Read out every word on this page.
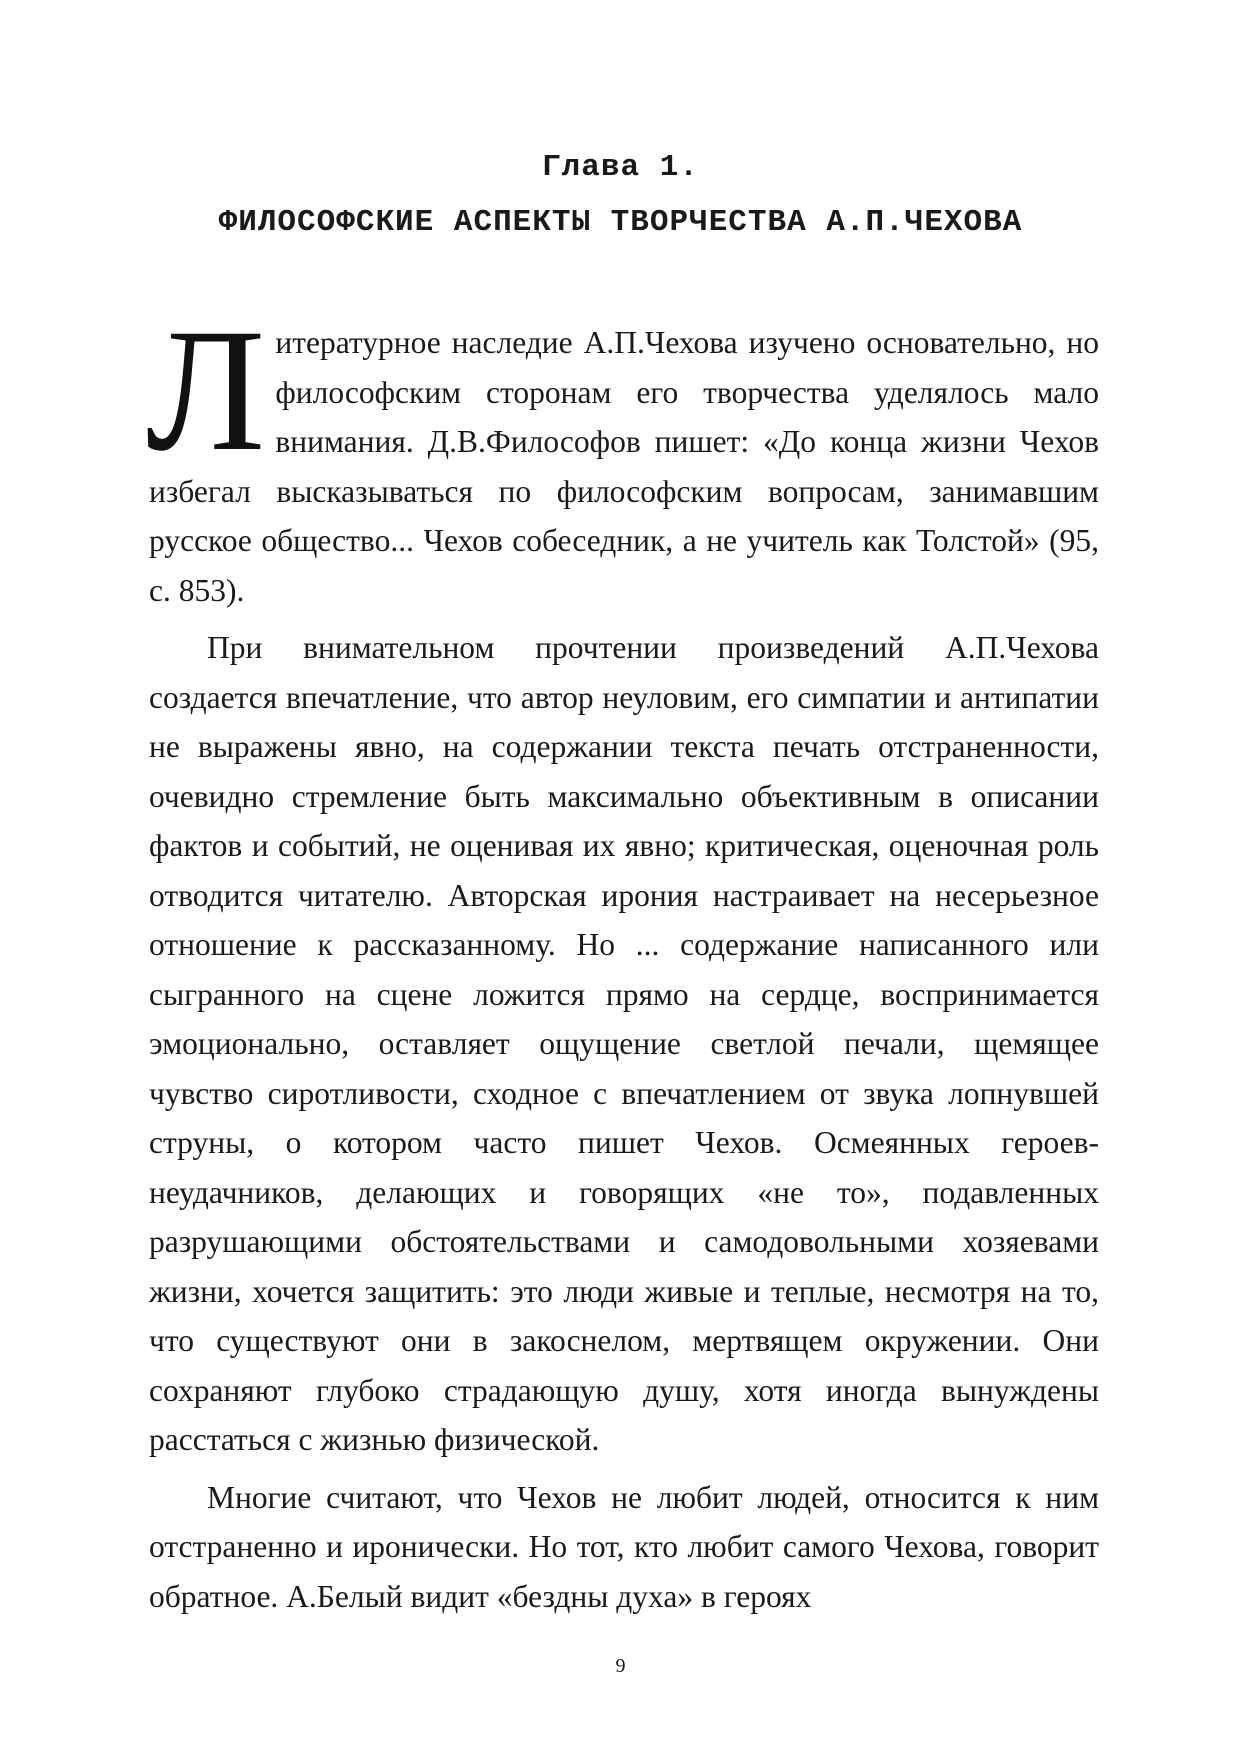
Глава 1.
ФИЛОСОФСКИЕ АСПЕКТЫ ТВОРЧЕСТВА А.П.ЧЕХОВА

Литературное наследие А.П.Чехова изучено основательно, но философским сторонам его творчества уделялось мало внимания. Д.В.Философов пишет: «До конца жизни Чехов избегал высказываться по философским вопросам, занимавшим русское общество... Чехов собеседник, а не учитель как Толстой» (95, с. 853).

При внимательном прочтении произведений А.П.Чехова создается впечатление, что автор неуловим, его симпатии и антипатии не выражены явно, на содержании текста печать отстраненности, очевидно стремление быть максимально объективным в описании фактов и событий, не оценивая их явно; критическая, оценочная роль отводится читателю. Авторская ирония настраивает на несерьезное отношение к рассказанному. Но ... содержание написанного или сыгранного на сцене ложится прямо на сердце, воспринимается эмоционально, оставляет ощущение светлой печали, щемящее чувство сиротливости, сходное с впечатлением от звука лопнувшей струны, о котором часто пишет Чехов. Осмеянных героев-неудачников, делающих и говорящих «не то», подавленных разрушающими обстоятельствами и самодовольными хозяевами жизни, хочется защитить: это люди живые и теплые, несмотря на то, что существуют они в закоснелом, мертвящем окружении. Они сохраняют глубоко страдающую душу, хотя иногда вынуждены расстаться с жизнью физической.

Многие считают, что Чехов не любит людей, относится к ним отстраненно и иронически. Но тот, кто любит самого Чехова, говорит обратное. А.Белый видит «бездны духа» в героях

9
